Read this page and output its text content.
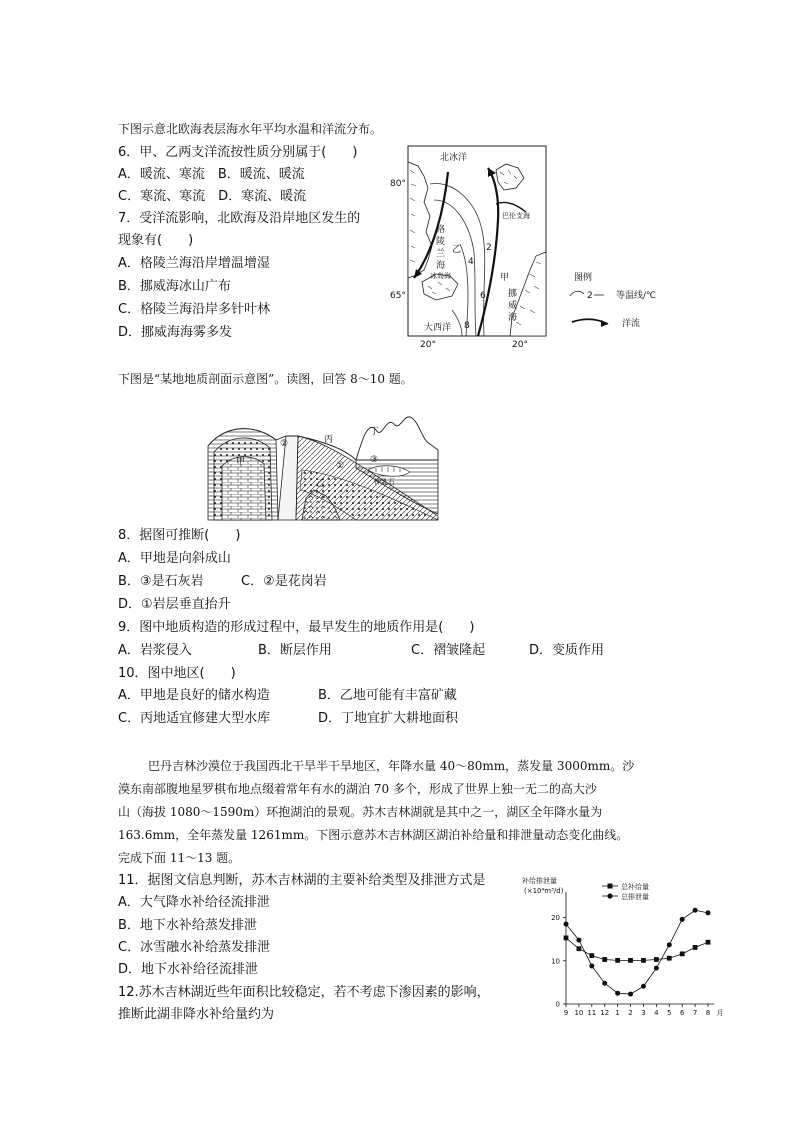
下图示意北欧海表层海水年平均水温和洋流分布。
6．甲、乙两支洋流按性质分别属于(　　)
A．暖流、寒流　B．暖流、暖流
C．寒流、寒流　D．寒流、暖流
7．受洋流影响，北欧海及沿岸地区发生的
现象有(　　)
A．格陵兰海沿岸增温增湿
B．挪威海冰山广布
C．格陵兰海沿岸多针叶林
D．挪威海海雾多发
北冰洋
格
陵
兰
海
乙
巴伦支海
2
4
6
8
甲
挪
威
海
冰岛海
大西洋
80°
65°
20°	20°
图例
2	等温线/℃
洋流
下图是“某地地质剖面示意图”。读图，回答 8～10 题。
甲
②
乙
丙
①
丁
③
钟乳石
8．据图可推断(　　)
A．甲地是向斜成山
B．③是石灰岩	C．②是花岗岩
D．①岩层垂直抬升
9．图中地质构造的形成过程中，最早发生的地质作用是(　　)
A．岩浆侵入	B．断层作用	C．褶皱隆起	D．变质作用
10．图中地区(　　)
A．甲地是良好的储水构造	B．乙地可能有丰富矿藏
C．丙地适宜修建大型水库	D．丁地宜扩大耕地面积
巴丹吉林沙漠位于我国西北干旱半干旱地区，年降水量 40～80mm，蒸发量 3000mm。沙
漠东南部腹地星罗棋布地点缀着常年有水的湖泊 70 多个，形成了世界上独一无二的高大沙
山（海拔 1080～1590m）环抱湖泊的景观。苏木吉林湖就是其中之一，湖区全年降水量为
163.6mm，全年蒸发量 1261mm。下图示意苏木吉林湖区湖泊补给量和排泄量动态变化曲线。
完成下面 11～13 题。
11．据图文信息判断，苏木吉林湖的主要补给类型及排泄方式是
A．大气降水补给径流排泄
B．地下水补给蒸发排泄
C．冰雪融水补给蒸发排泄
D．地下水补给径流排泄
12.苏木吉林湖近些年面积比较稳定，若不考虑下渗因素的影响，
推断此湖非降水补给量约为
补给排泄量
(×10⁴m³/d)
0
10
20
9 10 11 12 1 2 3 4 5 6 7 8 月
总补给量
总排泄量
